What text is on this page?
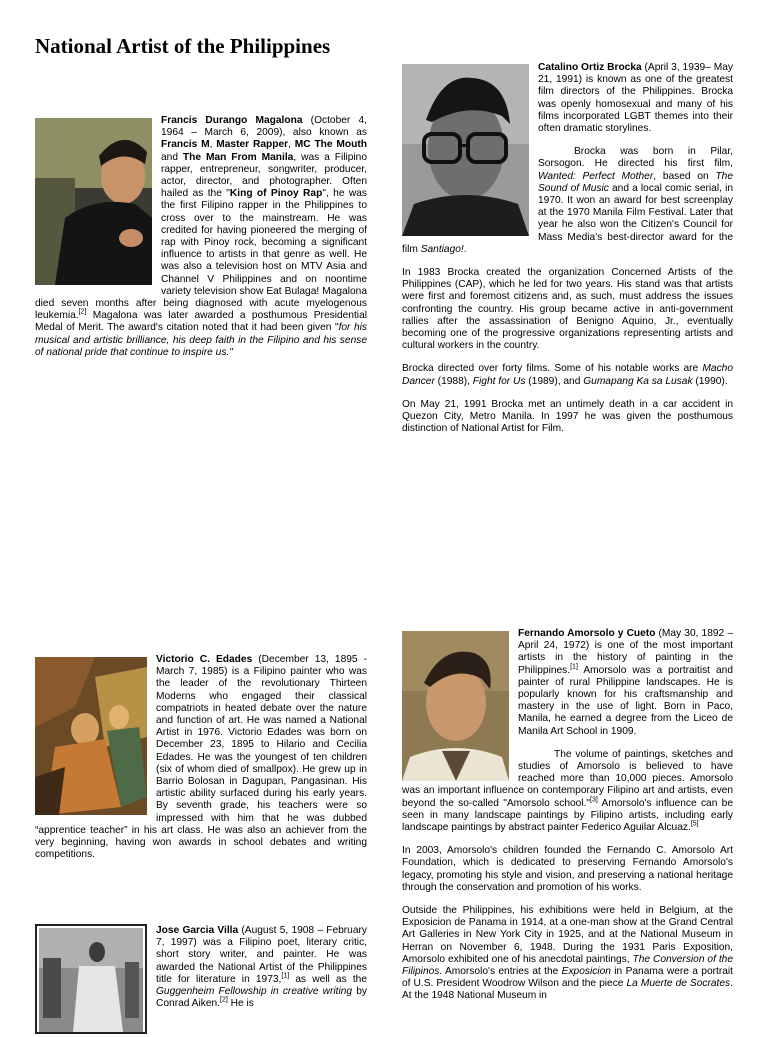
National Artist of the Philippines

Francis Durango Magalona (October 4, 1964 – March 6, 2009), also known as Francis M, Master Rapper, MC The Mouth and The Man From Manila, was a Filipino rapper, entrepreneur, songwriter, producer, actor, director, and photographer. Often hailed as the "King of Pinoy Rap", he was the first Filipino rapper in the Philippines to cross over to the mainstream. He was credited for having pioneered the merging of rap with Pinoy rock, becoming a significant influence to artists in that genre as well. He was also a television host on MTV Asia and Channel V Philippines and on noontime variety television show Eat Bulaga! Magalona died seven months after being diagnosed with acute myelogenous leukemia.[2] Magalona was later awarded a posthumous Presidential Medal of Merit. The award's citation noted that it had been given "for his musical and artistic brilliance, his deep faith in the Filipino and his sense of national pride that continue to inspire us."

Catalino Ortiz Brocka (April 3, 1939– May 21, 1991) is known as one of the greatest film directors of the Philippines. Brocka was openly homosexual and many of his films incorporated LGBT themes into their often dramatic storylines.

Brocka was born in Pilar, Sorsogon. He directed his first film, Wanted: Perfect Mother, based on The Sound of Music and a local comic serial, in 1970. It won an award for best screenplay at the 1970 Manila Film Festival. Later that year he also won the Citizen's Council for Mass Media's best-director award for the film Santiago!.

In 1983 Brocka created the organization Concerned Artists of the Philippines (CAP), which he led for two years. His stand was that artists were first and foremost citizens and, as such, must address the issues confronting the country. His group became active in anti-government rallies after the assassination of Benigno Aquino, Jr., eventually becoming one of the progressive organizations representing artists and cultural workers in the country.

Brocka directed over forty films. Some of his notable works are Macho Dancer (1988), Fight for Us (1989), and Gumapang Ka sa Lusak (1990).

On May 21, 1991 Brocka met an untimely death in a car accident in Quezon City, Metro Manila. In 1997 he was given the posthumous distinction of National Artist for Film.

Victorio C. Edades (December 13, 1895 - March 7, 1985) is a Filipino painter who was the leader of the revolutionary Thirteen Moderns who engaged their classical compatriots in heated debate over the nature and function of art. He was named a National Artist in 1976. Victorio Edades was born on December 23, 1895 to Hilario and Cecilia Edades. He was the youngest of ten children (six of whom died of smallpox). He grew up in Barrio Bolosan in Dagupan, Pangasinan. His artistic ability surfaced during his early years. By seventh grade, his teachers were so impressed with him that he was dubbed “apprentice teacher” in his art class. He was also an achiever from the very beginning, having won awards in school debates and writing competitions.

Fernando Amorsolo y Cueto (May 30, 1892 – April 24, 1972) is one of the most important artists in the history of painting in the Philippines.[1] Amorsolo was a portraitist and painter of rural Philippine landscapes. He is popularly known for his craftsmanship and mastery in the use of light. Born in Paco, Manila, he earned a degree from the Liceo de Manila Art School in 1909.

The volume of paintings, sketches and studies of Amorsolo is believed to have reached more than 10,000 pieces. Amorsolo was an important influence on contemporary Filipino art and artists, even beyond the so-called "Amorsolo school."[3] Amorsolo's influence can be seen in many landscape paintings by Filipino artists, including early landscape paintings by abstract painter Federico Aguilar Alcuaz.[5]

In 2003, Amorsolo's children founded the Fernando C. Amorsolo Art Foundation, which is dedicated to preserving Fernando Amorsolo's legacy, promoting his style and vision, and preserving a national heritage through the conservation and promotion of his works.

Outside the Philippines, his exhibitions were held in Belgium, at the Exposicion de Panama in 1914, at a one-man show at the Grand Central Art Galleries in New York City in 1925, and at the National Museum in Herran on November 6, 1948. During the 1931 Paris Exposition, Amorsolo exhibited one of his anecdotal paintings, The Conversion of the Filipinos. Amorsolo's entries at the Exposicion in Panama were a portrait of U.S. President Woodrow Wilson and the piece La Muerte de Socrates. At the 1948 National Museum in

Jose Garcia Villa (August 5, 1908 – February 7, 1997) was a Filipino poet, literary critic, short story writer, and painter. He was awarded the National Artist of the Philippines title for literature in 1973,[1] as well as the Guggenheim Fellowship in creative writing by Conrad Aiken.[2] He is
